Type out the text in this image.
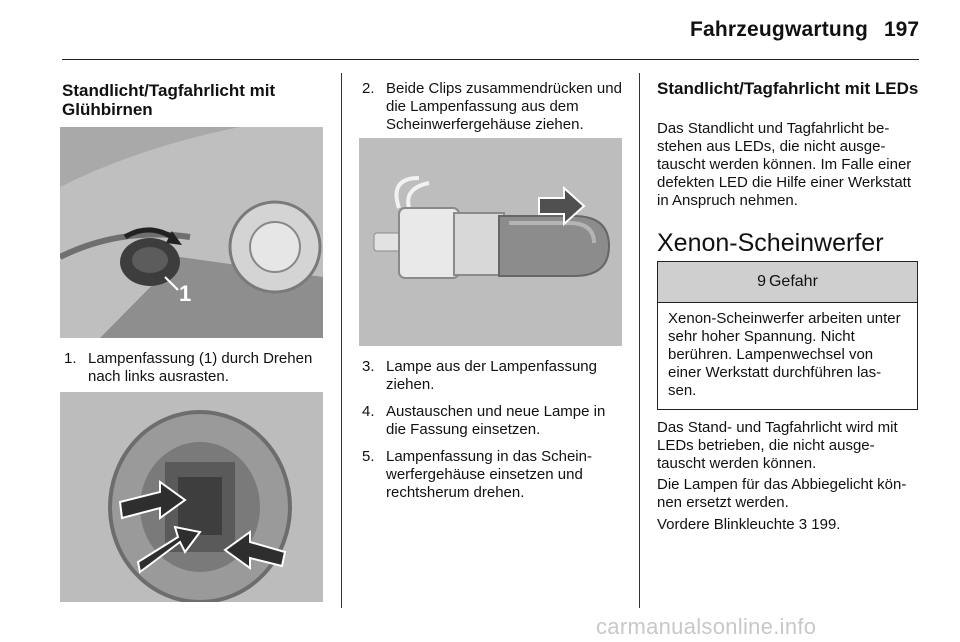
Fahrzeugwartung 197
Standlicht/Tagfahrlicht mit Glühbirnen
1
1. Lampenfassung (1) durch Drehen nach links ausrasten.
2. Beide Clips zusammendrücken und die Lampenfassung aus dem Scheinwerfergehäuse ziehen.
3. Lampe aus der Lampenfassung ziehen.
4. Austauschen und neue Lampe in die Fassung einsetzen.
5. Lampenfassung in das Schein-werfergehäuse einsetzen und rechtsherum drehen.
Standlicht/Tagfahrlicht mit LEDs
Das Standlicht und Tagfahrlicht be-stehen aus LEDs, die nicht ausge-tauscht werden können. Im Falle einer defekten LED die Hilfe einer Werkstatt in Anspruch nehmen.
Xenon-Scheinwerfer
9 Gefahr
Xenon-Scheinwerfer arbeiten unter sehr hoher Spannung. Nicht berühren. Lampenwechsel von einer Werkstatt durchführen las-sen.
Das Stand- und Tagfahrlicht wird mit LEDs betrieben, die nicht ausge-tauscht werden können.
Die Lampen für das Abbiegelicht kön-nen ersetzt werden.
Vordere Blinkleuchte 3 199.
carmanualsonline.info
